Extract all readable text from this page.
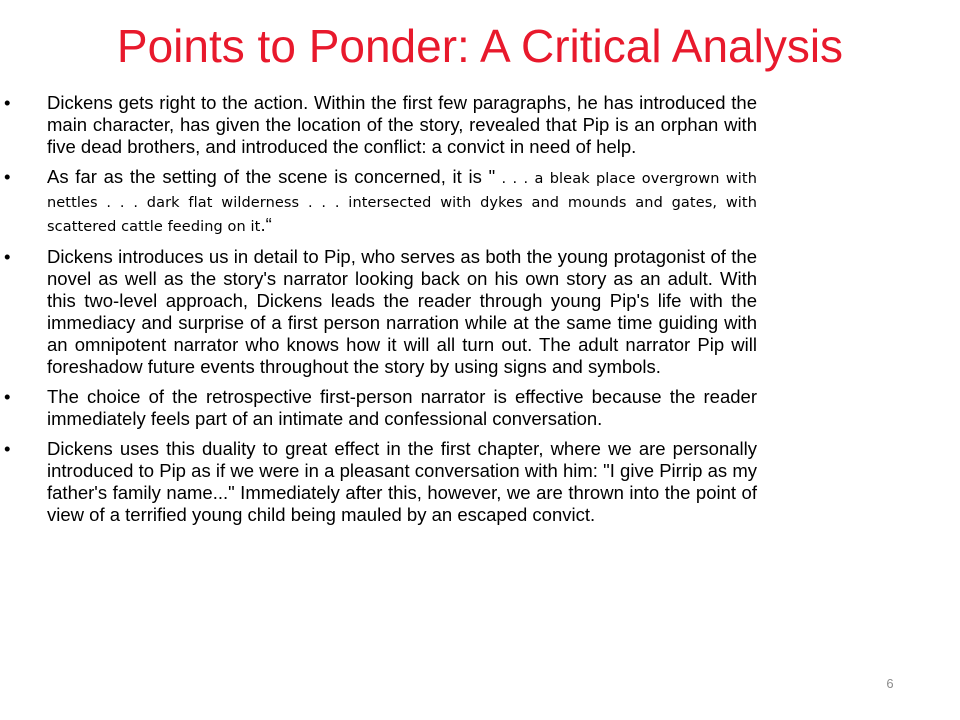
Points to Ponder: A Critical Analysis
• Dickens gets right to the action. Within the first few paragraphs, he has introduced the main character, has given the location of the story, revealed that Pip is an orphan with five dead brothers, and introduced the conflict: a convict in need of help.
• As far as the setting of the scene is concerned, it is " . . . a bleak place overgrown with nettles . . . dark flat wilderness . . . intersected with dykes and mounds and gates, with scattered cattle feeding on it.“
• Dickens introduces us in detail to Pip, who serves as both the young protagonist of the novel as well as the story's narrator looking back on his own story as an adult. With this two-level approach, Dickens leads the reader through young Pip's life with the immediacy and surprise of a first person narration while at the same time guiding with an omnipotent narrator who knows how it will all turn out. The adult narrator Pip will foreshadow future events throughout the story by using signs and symbols.
• The choice of the retrospective first-person narrator is effective because the reader immediately feels part of an intimate and confessional conversation.
• Dickens uses this duality to great effect in the first chapter, where we are personally introduced to Pip as if we were in a pleasant conversation with him: "I give Pirrip as my father's family name..." Immediately after this, however, we are thrown into the point of view of a terrified young child being mauled by an escaped convict.
6
